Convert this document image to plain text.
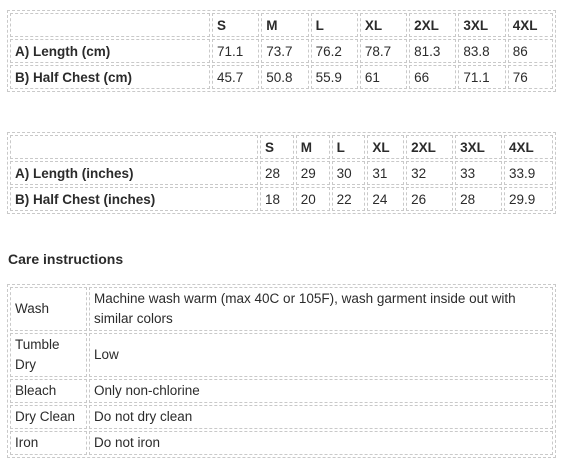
	S	M	L	XL	2XL	3XL	4XL
A) Length (cm)	71.1	73.7	76.2	78.7	81.3	83.8	86
B) Half Chest (cm)	45.7	50.8	55.9	61	66	71.1	76
	S	M	L	XL	2XL	3XL	4XL
A) Length (inches)	28	29	30	31	32	33	33.9
B) Half Chest (inches)	18	20	22	24	26	28	29.9
Care instructions
Wash	Machine wash warm (max 40C or 105F), wash garment inside out with similar colors
Tumble Dry	Low
Bleach	Only non-chlorine
Dry Clean	Do not dry clean
Iron	Do not iron
